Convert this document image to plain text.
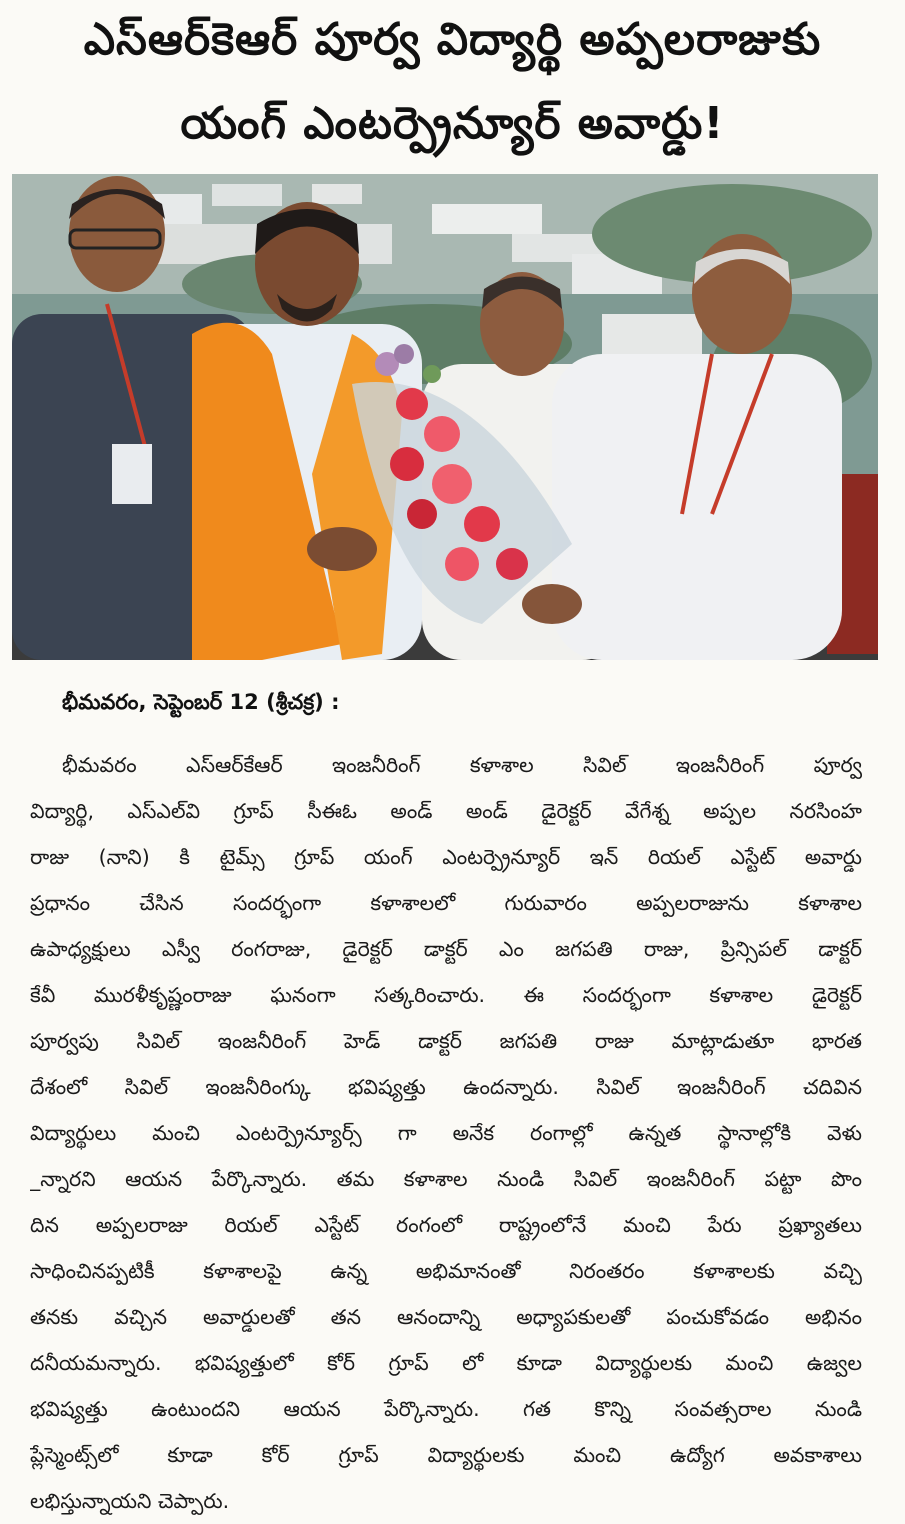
ఎస్ఆర్‌కెఆర్ పూర్వ విద్యార్థి అప్పలరాజుకు
యంగ్ ఎంటర్ప్రెన్యూర్ అవార్డు!
భీమవరం, సెప్టెంబర్ 12 (శ్రీచక్ర) :
భీమవరం ఎస్ఆర్‌కేఆర్ ఇంజనీరింగ్ కళాశాల సివిల్ ఇంజనీరింగ్ పూర్వ
విద్యార్థి, ఎస్ఎల్‌వి గ్రూప్ సీఈఓ అండ్ అండ్ డైరెక్టర్ వేగేశ్న అప్పల నరసింహ
రాజు (నాని) కి టైమ్స్ గ్రూప్ యంగ్ ఎంటర్ప్రెన్యూర్ ఇన్ రియల్ ఎస్టేట్ అవార్డు
ప్రధానం చేసిన సందర్భంగా కళాశాలలో గురువారం అప్పలరాజును కళాశాల
ఉపాధ్యక్షులు ఎస్వీ రంగరాజు, డైరెక్టర్ డాక్టర్ ఎం జగపతి రాజు, ప్రిన్సిపల్ డాక్టర్
కేవీ మురళీకృష్ణంరాజు ఘనంగా సత్కరించారు. ఈ సందర్భంగా కళాశాల డైరెక్టర్
పూర్వపు సివిల్ ఇంజనీరింగ్ హెడ్ డాక్టర్ జగపతి రాజు మాట్లాడుతూ భారత
దేశంలో సివిల్ ఇంజనీరింగ్కు భవిష్యత్తు ఉందన్నారు. సివిల్ ఇంజనీరింగ్ చదివిన
విద్యార్థులు మంచి ఎంటర్ప్రెన్యూర్స్ గా అనేక రంగాల్లో ఉన్నత స్థానాల్లోకి వెళు
_న్నారని ఆయన పేర్కొన్నారు. తమ కళాశాల నుండి సివిల్ ఇంజనీరింగ్ పట్టా పొం
దిన అప్పలరాజు రియల్ ఎస్టేట్ రంగంలో రాష్ట్రంలోనే మంచి పేరు ప్రఖ్యాతలు
సాధించినప్పటికీ కళాశాలపై ఉన్న అభిమానంతో నిరంతరం కళాశాలకు వచ్చి
తనకు వచ్చిన అవార్డులతో తన ఆనందాన్ని అధ్యాపకులతో పంచుకోవడం అభినం
దనీయమన్నారు. భవిష్యత్తులో కోర్ గ్రూప్ లో కూడా విద్యార్థులకు మంచి ఉజ్వల
భవిష్యత్తు ఉంటుందని ఆయన పేర్కొన్నారు. గత కొన్ని సంవత్సరాల నుండి
ప్లేస్మెంట్స్‌లో కూడా కోర్ గ్రూప్ విద్యార్థులకు మంచి ఉద్యోగ అవకాశాలు
లభిస్తున్నాయని చెప్పారు.
